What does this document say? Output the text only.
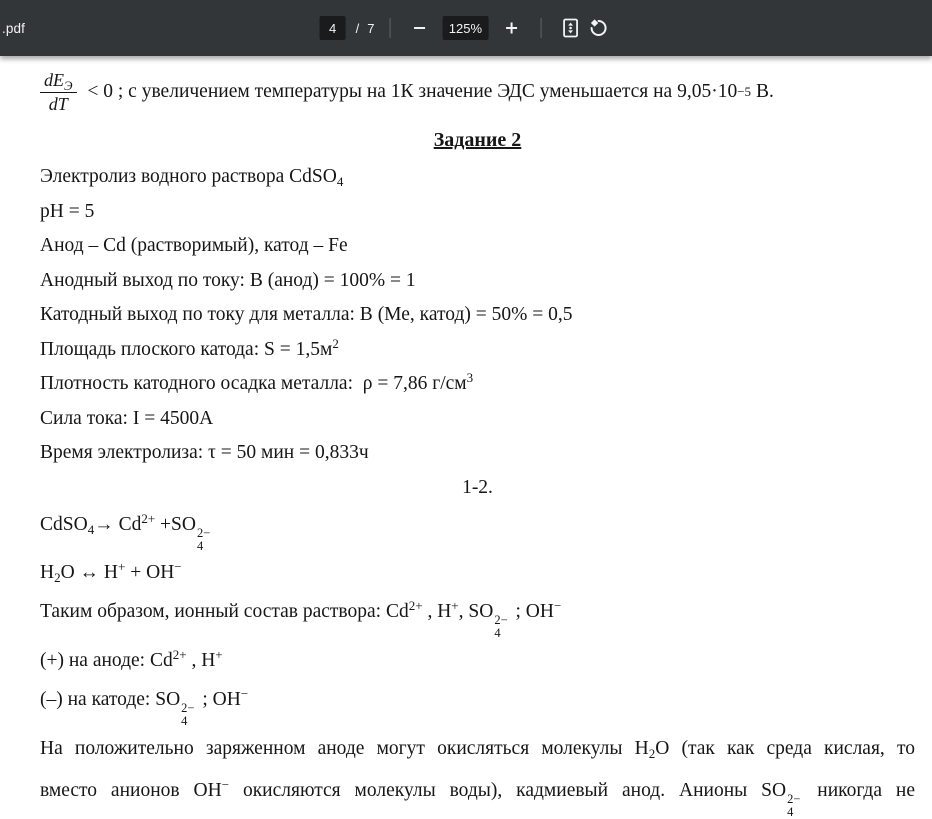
.pdf
4	/ 7	125%
$\frac{dE_Э}{dT} < 0$ ; с увеличением температуры на 1К значение ЭДС уменьшается на 9,05·10 −5 В.
Задание 2
Электролиз водного раствора CdSO$_4$
pH = 5
Анод – Cd (растворимый), катод – Fe
Анодный выход по току: В (анод) = 100% = 1
Катодный выход по току для металла: В (Ме, катод) = 50% = 0,5
Площадь плоского катода: $S = 1,5м^2$
Плотность катодного осадка металла:  ρ = 7,86 $г/см^3$
Сила тока: I = 4500А
Время электролиза: τ = 50 мин = 0,833ч
1-2.
CdSO$_4$→ $Cd^{2+} +SO$ 2−
4
$H_2O$ ↔ H+ + OH−
Таким образом, ионный состав раствора: $Cd^{2+}$ , H+, SO 2−
4
; OH−
(+) на аноде: $Cd^{2+}$ , H+
(–) на катоде: SO 2−
4
; OH−
На положительно заряженном аноде могут окисляться молекулы $H_2O$ (так как среда кислая, то
вместо анионов OH− окисляются молекулы воды), кадмиевый анод. Анионы SO 2−
4
никогда не
